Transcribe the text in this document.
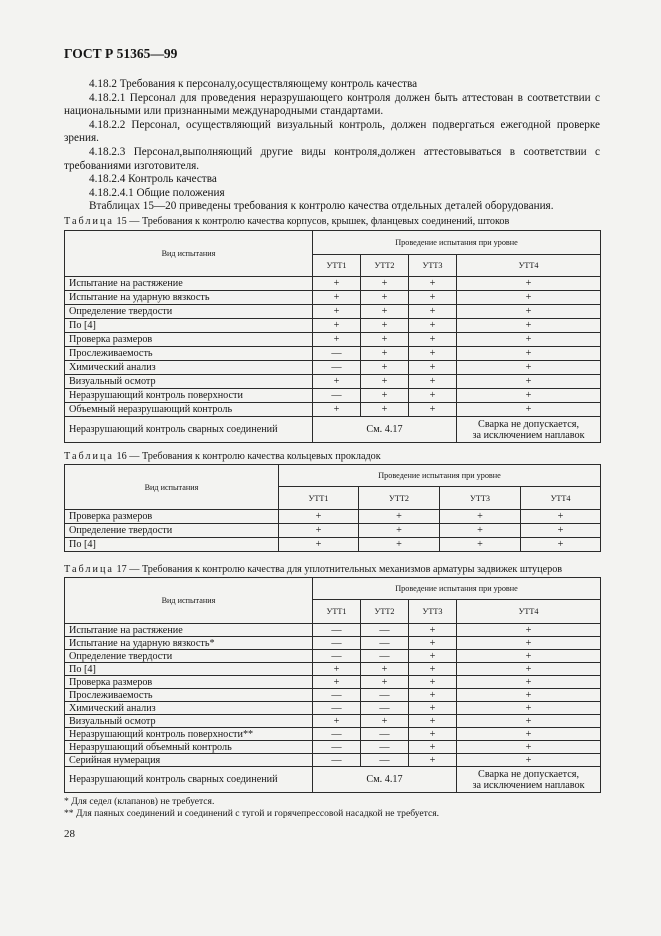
ГОСТ Р 51365—99

4.18.2 Требования к персоналу,осуществляющему контроль качества

4.18.2.1 Персонал для проведения неразрушающего контроля должен быть аттестован в соответствии с национальными или признанными международными стандартами.

4.18.2.2 Персонал, осуществляющий визуальный контроль, должен подвергаться ежегодной проверке зрения.

4.18.2.3 Персонал,выполняющий другие виды контроля,должен аттестовываться в соответствии с требованиями изготовителя.

4.18.2.4 Контроль качества

4.18.2.4.1 Общие положения

Втаблицах 15—20 приведены требования к контролю качества отдельных деталей оборудования.

Таблица 15 — Требования к контролю качества корпусов, крышек, фланцевых соединений, штоков
Вид испытания	Проведение испытания при уровне			
	УТТ1	УТТ2	УТТ3	УТТ4
Испытание на растяжение	+	+	+	+
Испытание на ударную вязкость	+	+	+	+
Определение твердости	+	+	+	+
По [4]	+	+	+	+
Проверка размеров	+	+	+	+
Прослеживаемость	—	+	+	+
Химический анализ	—	+	+	+
Визуальный осмотр	+	+	+	+
Неразрушающий контроль поверхности	—	+	+	+
Объемный неразрушающий контроль	+	+	+	+
Неразрушающий контроль сварных соединений	См. 4.17			Сварка не допускается,
за исключением наплавок
Таблица 16 — Требования к контролю качества кольцевых прокладок
Вид испытания	Проведение испытания при уровне			
	УТТ1	УТТ2	УТТ3	УТТ4
Проверка размеров	+	+	+	+
Определение твердости	+	+	+	+
По [4]	+	+	+	+
Таблица 17 — Требования к контролю качества для уплотнительных механизмов арматуры задвижек штуцеров
Вид испытания	Проведение испытания при уровне			
	УТТ1	УТТ2	УТТ3	УТТ4
Испытание на растяжение	—	—	+	+
Испытание на ударную вязкость*	—	—	+	+
Определение твердости	—	—	+	+
По [4]	+	+	+	+
Проверка размеров	+	+	+	+
Прослеживаемость	—	—	+	+
Химический анализ	—	—	+	+
Визуальный осмотр	+	+	+	+
Неразрушающий контроль поверхности**	—	—	+	+
Неразрушающий объемный контроль	—	—	+	+
Серийная нумерация	—	—	+	+
Неразрушающий контроль сварных соединений	См. 4.17			Сварка не допускается,
за исключением наплавок
* Для седел (клапанов) не требуется.
** Для паяных соединений и соединений с тугой и горячепрессовой насадкой не требуется.
28
